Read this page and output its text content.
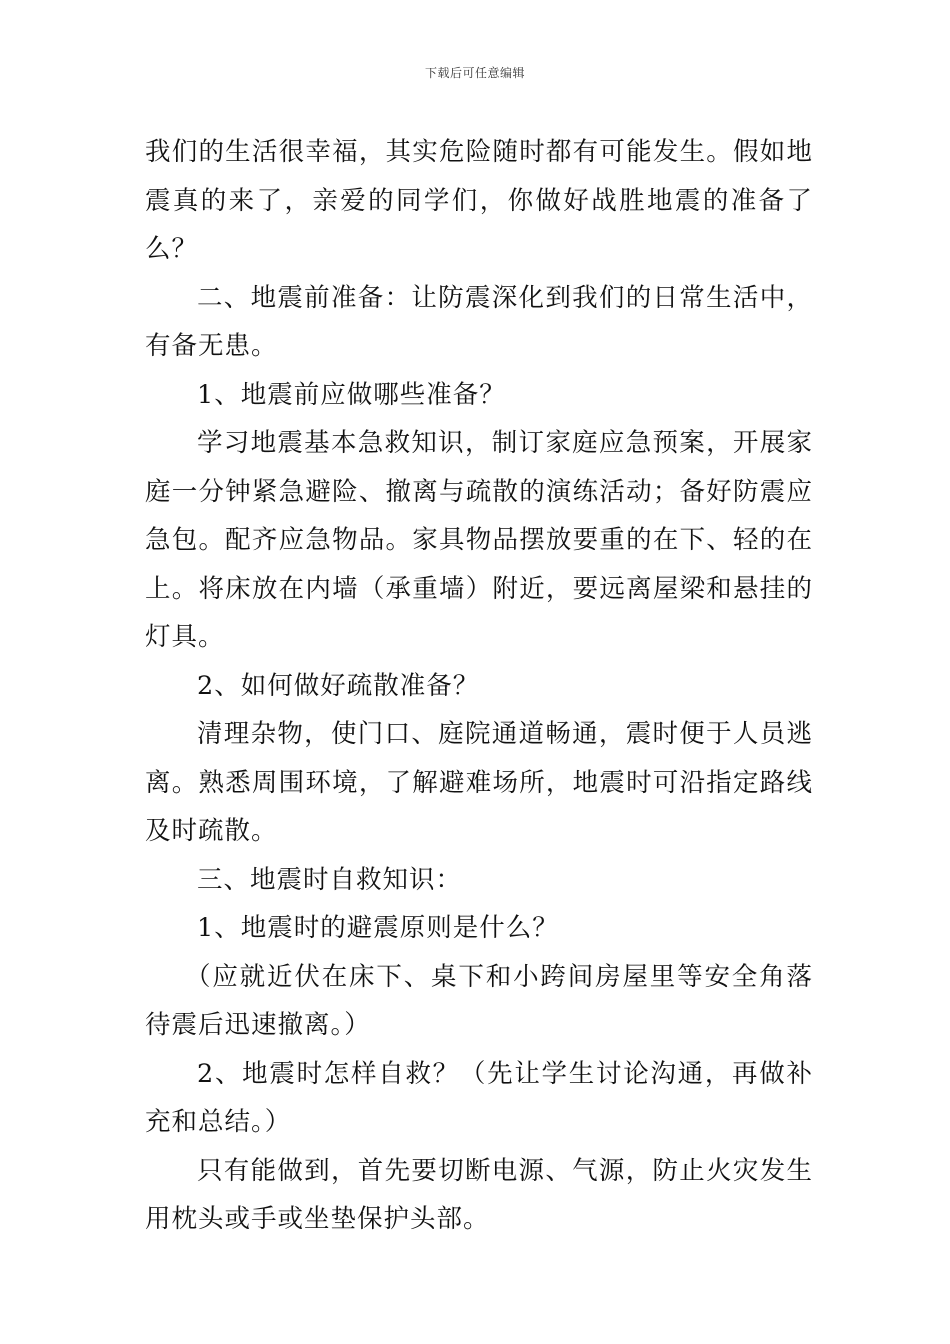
下载后可任意编辑

我们的生活很幸福，其实危险随时都有可能发生。假如地震真的来了，亲爱的同学们，你做好战胜地震的准备了么？

二、地震前准备：让防震深化到我们的日常生活中，有备无患。

1、地震前应做哪些准备？

学习地震基本急救知识，制订家庭应急预案，开展家庭一分钟紧急避险、撤离与疏散的演练活动；备好防震应急包。配齐应急物品。家具物品摆放要重的在下、轻的在上。将床放在内墙（承重墙）附近，要远离屋梁和悬挂的灯具。

2、如何做好疏散准备？

清理杂物，使门口、庭院通道畅通，震时便于人员逃离。熟悉周围环境，了解避难场所，地震时可沿指定路线及时疏散。

三、地震时自救知识：

1、地震时的避震原则是什么？

（应就近伏在床下、桌下和小跨间房屋里等安全角落待震后迅速撤离。）

2、地震时怎样自救？（先让学生讨论沟通，再做补充和总结。）

只有能做到，首先要切断电源、气源，防止火灾发生用枕头或手或坐垫保护头部。
